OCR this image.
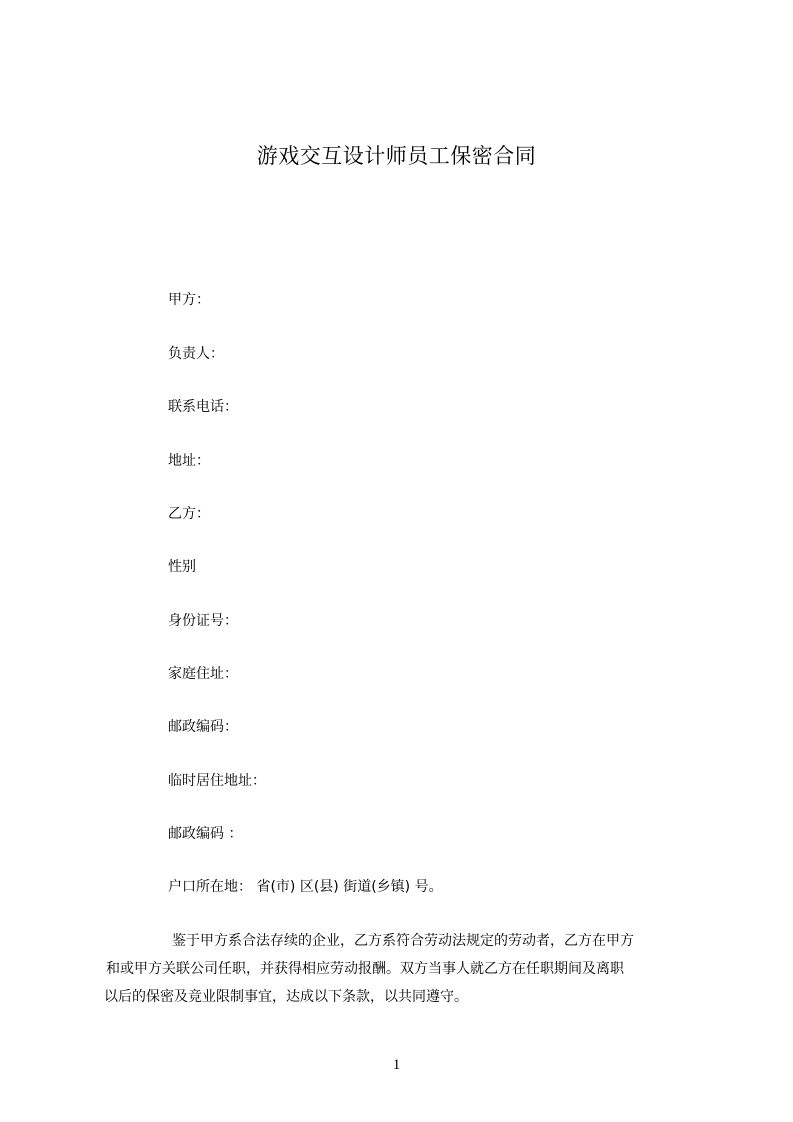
游戏交互设计师员工保密合同
甲方：
负责人：
联系电话：
地址：
乙方：
性别
身份证号：
家庭住址：
邮政编码：
临时居住地址：
邮政编码 ：
户口所在地： 省(市) 区(县) 街道(乡镇) 号。
鉴于甲方系合法存续的企业，乙方系符合劳动法规定的劳动者，乙方在甲方
和或甲方关联公司任职，并获得相应劳动报酬。双方当事人就乙方在任职期间及离职
以后的保密及竞业限制事宜，达成以下条款，以共同遵守。
1
